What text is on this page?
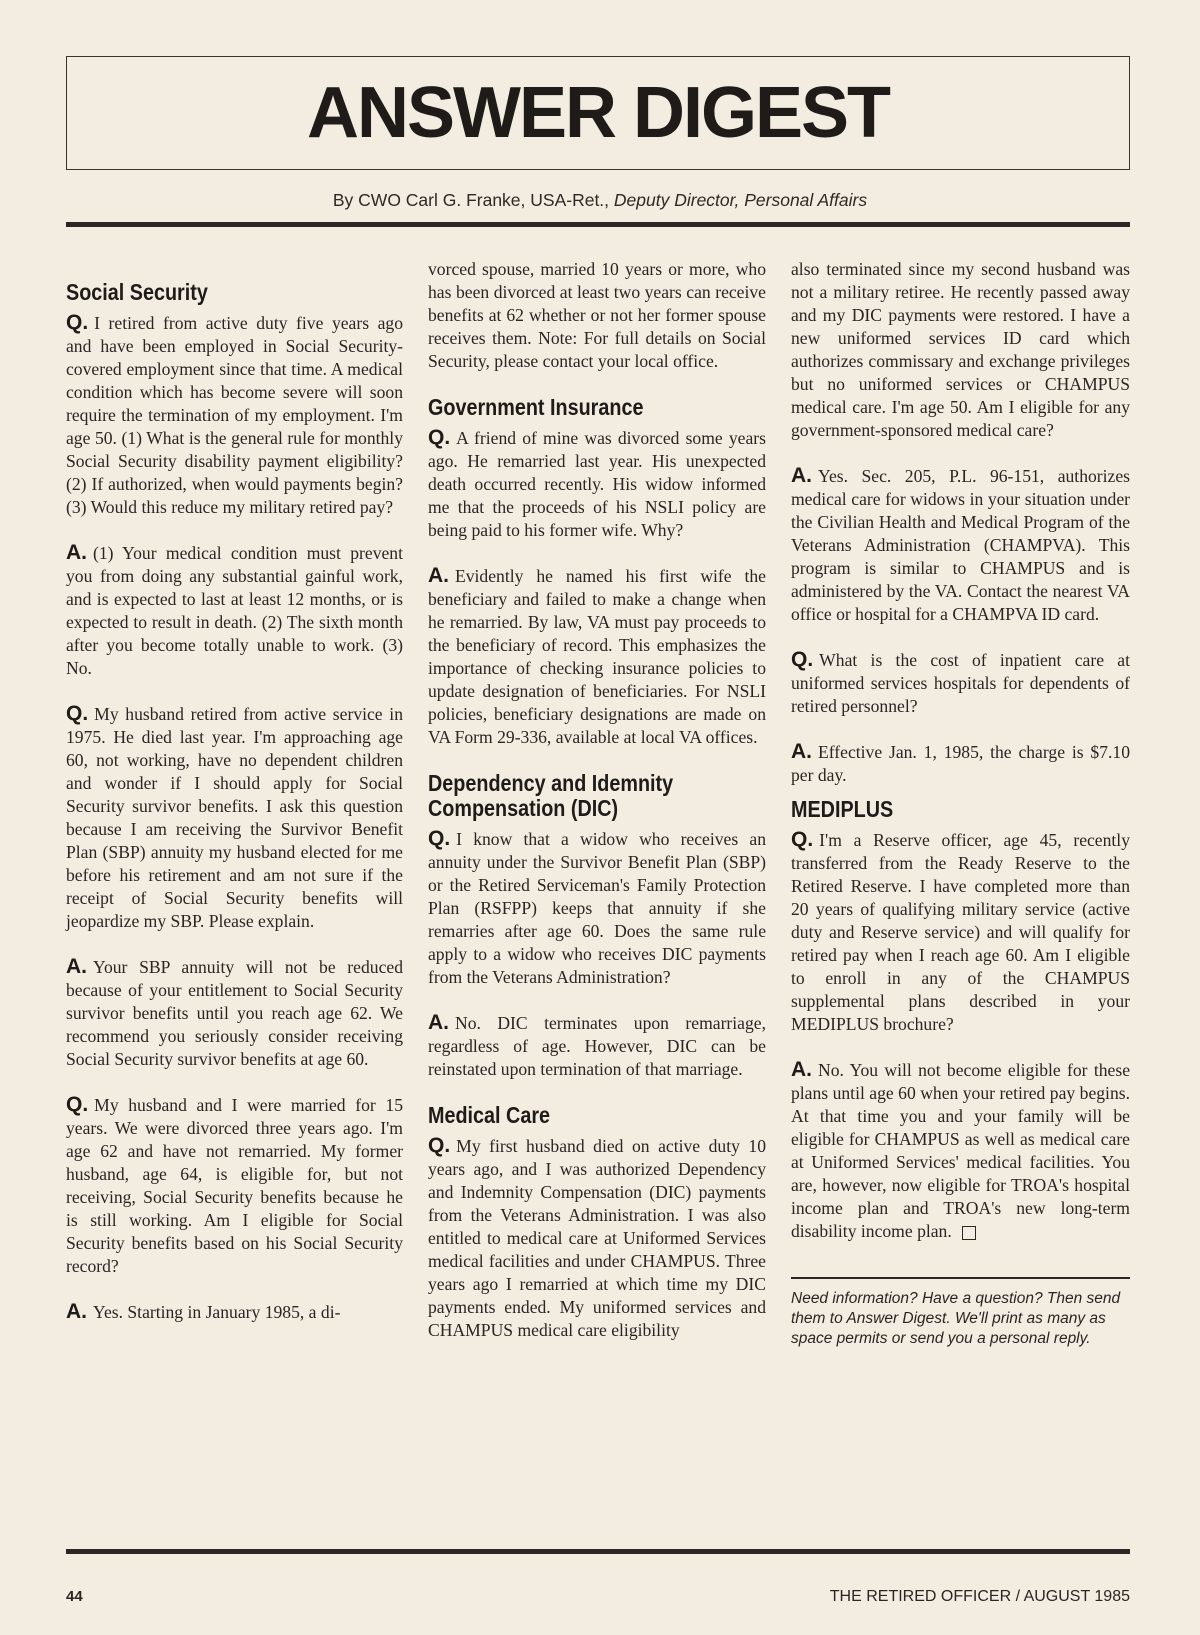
ANSWER DIGEST
By CWO Carl G. Franke, USA-Ret., Deputy Director, Personal Affairs
Social Security

Q. I retired from active duty five years ago and have been employed in Social Security-covered employment since that time. A medical condition which has become severe will soon require the termination of my employment. I'm age 50. (1) What is the general rule for monthly Social Security disability payment eligibility? (2) If authorized, when would payments begin? (3) Would this reduce my military retired pay?

A. (1) Your medical condition must prevent you from doing any substantial gainful work, and is expected to last at least 12 months, or is expected to result in death. (2) The sixth month after you become totally unable to work. (3) No.

Q. My husband retired from active service in 1975. He died last year. I'm approaching age 60, not working, have no dependent children and wonder if I should apply for Social Security survivor benefits. I ask this question because I am receiving the Survivor Benefit Plan (SBP) annuity my husband elected for me before his retirement and am not sure if the receipt of Social Security benefits will jeopardize my SBP. Please explain.

A. Your SBP annuity will not be reduced because of your entitlement to Social Security survivor benefits until you reach age 62. We recommend you seriously consider receiving Social Security survivor benefits at age 60.

Q. My husband and I were married for 15 years. We were divorced three years ago. I'm age 62 and have not remarried. My former husband, age 64, is eligible for, but not receiving, Social Security benefits because he is still working. Am I eligible for Social Security benefits based on his Social Security record?

A. Yes. Starting in January 1985, a di-

vorced spouse, married 10 years or more, who has been divorced at least two years can receive benefits at 62 whether or not her former spouse receives them. Note: For full details on Social Security, please contact your local office.

Government Insurance

Q. A friend of mine was divorced some years ago. He remarried last year. His unexpected death occurred recently. His widow informed me that the proceeds of his NSLI policy are being paid to his former wife. Why?

A. Evidently he named his first wife the beneficiary and failed to make a change when he remarried. By law, VA must pay proceeds to the beneficiary of record. This emphasizes the importance of checking insurance policies to update designation of beneficiaries. For NSLI policies, beneficiary designations are made on VA Form 29-336, available at local VA offices.

Dependency and Idemnity Compensation (DIC)

Q. I know that a widow who receives an annuity under the Survivor Benefit Plan (SBP) or the Retired Serviceman's Family Protection Plan (RSFPP) keeps that annuity if she remarries after age 60. Does the same rule apply to a widow who receives DIC payments from the Veterans Administration?

A. No. DIC terminates upon remarriage, regardless of age. However, DIC can be reinstated upon termination of that marriage.

Medical Care

Q. My first husband died on active duty 10 years ago, and I was authorized Dependency and Indemnity Compensation (DIC) payments from the Veterans Administration. I was also entitled to medical care at Uniformed Services medical facilities and under CHAMPUS. Three years ago I remarried at which time my DIC payments ended. My uniformed services and CHAMPUS medical care eligibility

also terminated since my second husband was not a military retiree. He recently passed away and my DIC payments were restored. I have a new uniformed services ID card which authorizes commissary and exchange privileges but no uniformed services or CHAMPUS medical care. I'm age 50. Am I eligible for any government-sponsored medical care?

A. Yes. Sec. 205, P.L. 96-151, authorizes medical care for widows in your situation under the Civilian Health and Medical Program of the Veterans Administration (CHAMPVA). This program is similar to CHAMPUS and is administered by the VA. Contact the nearest VA office or hospital for a CHAMPVA ID card.

Q. What is the cost of inpatient care at uniformed services hospitals for dependents of retired personnel?

A. Effective Jan. 1, 1985, the charge is $7.10 per day.

MEDIPLUS

Q. I'm a Reserve officer, age 45, recently transferred from the Ready Reserve to the Retired Reserve. I have completed more than 20 years of qualifying military service (active duty and Reserve service) and will qualify for retired pay when I reach age 60. Am I eligible to enroll in any of the CHAMPUS supplemental plans described in your MEDIPLUS brochure?

A. No. You will not become eligible for these plans until age 60 when your retired pay begins. At that time you and your family will be eligible for CHAMPUS as well as medical care at Uniformed Services' medical facilities. You are, however, now eligible for TROA's hospital income plan and TROA's new long-term disability income plan.

Need information? Have a question? Then send them to Answer Digest. We'll print as many as space permits or send you a personal reply.
44	THE RETIRED OFFICER / AUGUST 1985
